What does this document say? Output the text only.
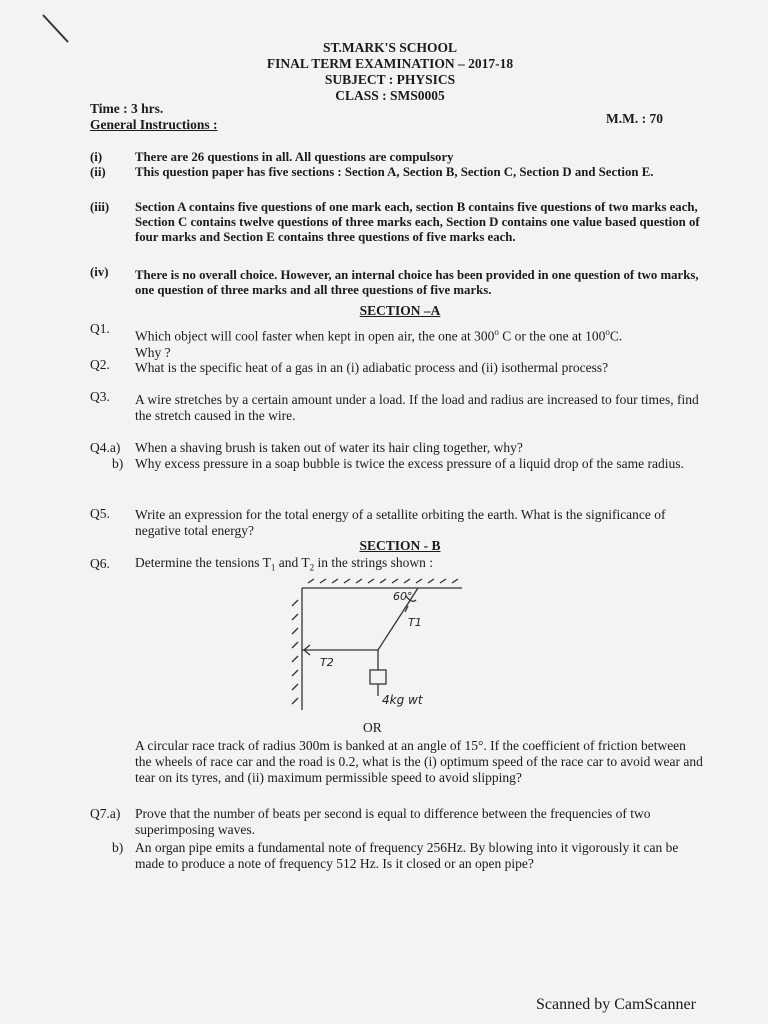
ST.MARK'S SCHOOL
FINAL TERM EXAMINATION – 2017-18
SUBJECT : PHYSICS
CLASS : SMS0005
Time : 3 hrs.
General Instructions :	M.M. : 70
(i)	There are 26 questions in all. All questions are compulsory
(ii) This question paper has five sections : Section A, Section B, Section C, Section D and Section E.
(iii) Section A contains five questions of one mark each, section B contains five questions of two marks each, Section C contains twelve questions of three marks each, Section D contains one value based question of four marks and Section E contains three questions of five marks each.
(iv) There is no overall choice. However, an internal choice has been provided in one question of two marks, one question of three marks and all three questions of five marks.
SECTION –A
Q1. Which object will cool faster when kept in open air, the one at 300$^o$ C or the one at 100$^o$C.
Why ?
Q2. What is the specific heat of a gas in an (i) adiabatic process and (ii) isothermal process?
Q3. A wire stretches by a certain amount under a load. If the load and radius are increased to four times, find the stretch caused in the wire.
Q4.a) When a shaving brush is taken out of water its hair cling together, why?
b) Why excess pressure in a soap bubble is twice the excess pressure of a liquid drop of the same radius.
Q5. Write an expression for the total energy of a setallite orbiting the earth. What is the significance of negative total energy?
SECTION - B
Q6. Determine the tensions $T_1$ and $T_2$ in the strings shown :
60°
T1
T2
4kg wt
OR
A circular race track of radius 300m is banked at an angle of 15°. If the coefficient of friction between the wheels of race car and the road is 0.2, what is the (i) optimum speed of the race car to avoid wear and tear on its tyres, and (ii) maximum permissible speed to avoid slipping?
Q7.a) Prove that the number of beats per second is equal to difference between the frequencies of two superimposing waves.
b) An organ pipe emits a fundamental note of frequency 256Hz. By blowing into it vigorously it can be made to produce a note of frequency 512 Hz. Is it closed or an open pipe?
Scanned by CamScanner
